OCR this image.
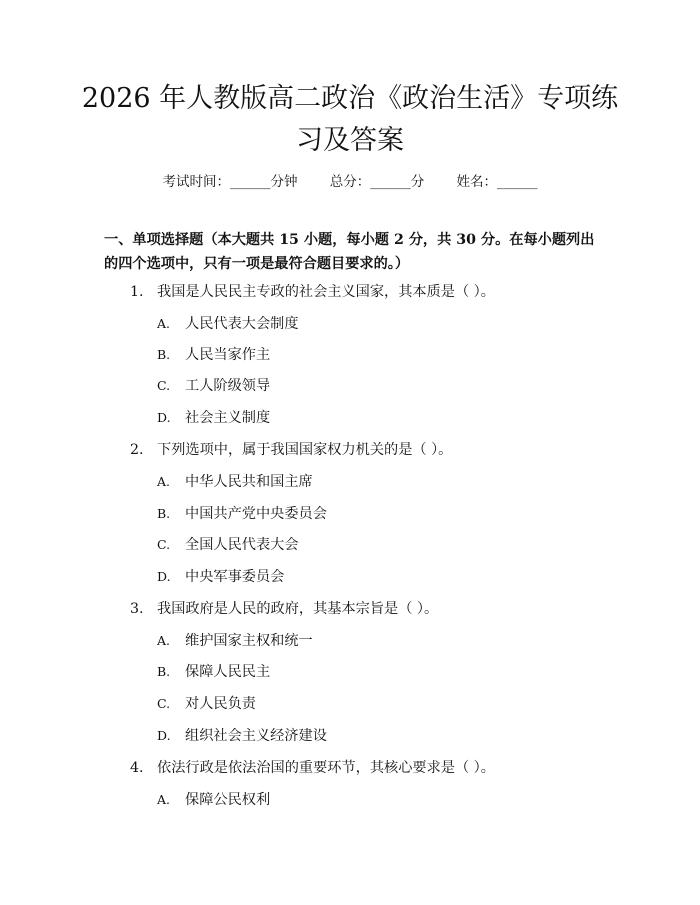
2026 年人教版高二政治《政治生活》专项练
习及答案
考试时间：______分钟 总分：______分 姓名：______
一、单项选择题（本大题共 15 小题，每小题 2 分，共 30 分。在每小题列出的四个选项中，只有一项是最符合题目要求的。）
1. 我国是人民民主专政的社会主义国家，其本质是（ ）。
A. 人民代表大会制度
B. 人民当家作主
C. 工人阶级领导
D. 社会主义制度
2. 下列选项中，属于我国国家权力机关的是（ ）。
A. 中华人民共和国主席
B. 中国共产党中央委员会
C. 全国人民代表大会
D. 中央军事委员会
3. 我国政府是人民的政府，其基本宗旨是（ ）。
A. 维护国家主权和统一
B. 保障人民民主
C. 对人民负责
D. 组织社会主义经济建设
4. 依法行政是依法治国的重要环节，其核心要求是（ ）。
A. 保障公民权利
